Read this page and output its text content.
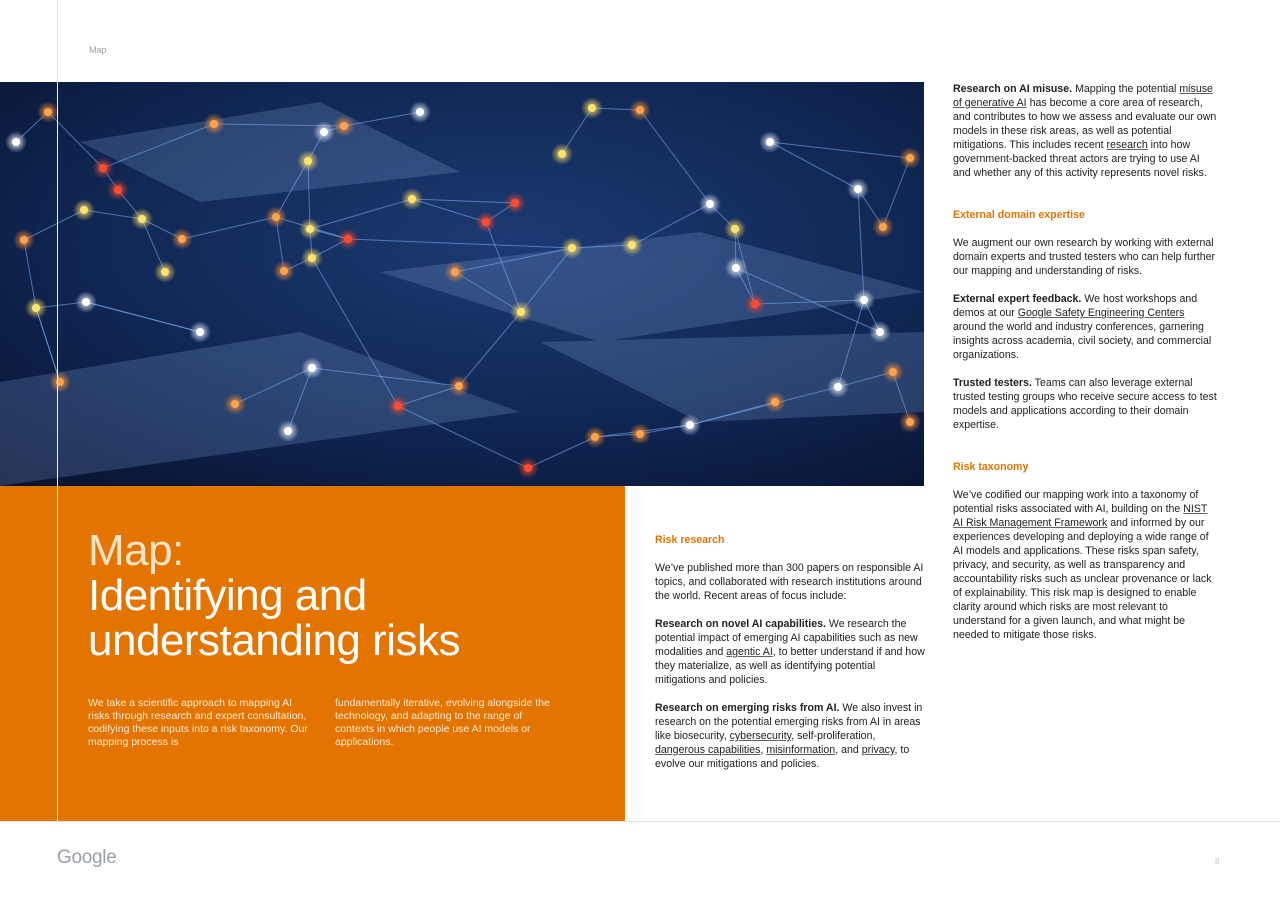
Map
Map:
Identifying and
understanding risks

We take a scientific approach to mapping AI risks through research and expert consultation, codifying these inputs into a risk taxonomy. Our mapping process is

fundamentally iterative, evolving alongside the technology, and adapting to the range of contexts in which people use AI models or applications.

Risk research

We’ve published more than 300 papers on responsible AI topics, and collaborated with research institutions around the world. Recent areas of focus include:

Research on novel AI capabilities. We research the potential impact of emerging AI capabilities such as new modalities and agentic AI, to better understand if and how they materialize, as well as identifying potential mitigations and policies.

Research on emerging risks from AI. We also invest in research on the potential emerging risks from AI in areas like biosecurity, cybersecurity, self-proliferation, dangerous capabilities, misinformation, and privacy, to evolve our mitigations and policies.

Research on AI misuse. Mapping the potential misuse of generative AI has become a core area of research, and contributes to how we assess and evaluate our own models in these risk areas, as well as potential mitigations. This includes recent research into how government-backed threat actors are trying to use AI and whether any of this activity represents novel risks.

External domain expertise

We augment our own research by working with external domain experts and trusted testers who can help further our mapping and understanding of risks.

External expert feedback. We host workshops and demos at our Google Safety Engineering Centers around the world and industry conferences, garnering insights across academia, civil society, and commercial organizations.

Trusted testers. Teams can also leverage external trusted testing groups who receive secure access to test models and applications according to their domain expertise.

Risk taxonomy

We’ve codified our mapping work into a taxonomy of potential risks associated with AI, building on the NIST AI Risk Management Framework and informed by our experiences developing and deploying a wide range of AI models and applications. These risks span safety, privacy, and security, as well as transparency and accountability risks such as unclear provenance or lack of explainability. This risk map is designed to enable clarity around which risks are most relevant to understand for a given launch, and what might be needed to mitigate those risks.

Google	8
